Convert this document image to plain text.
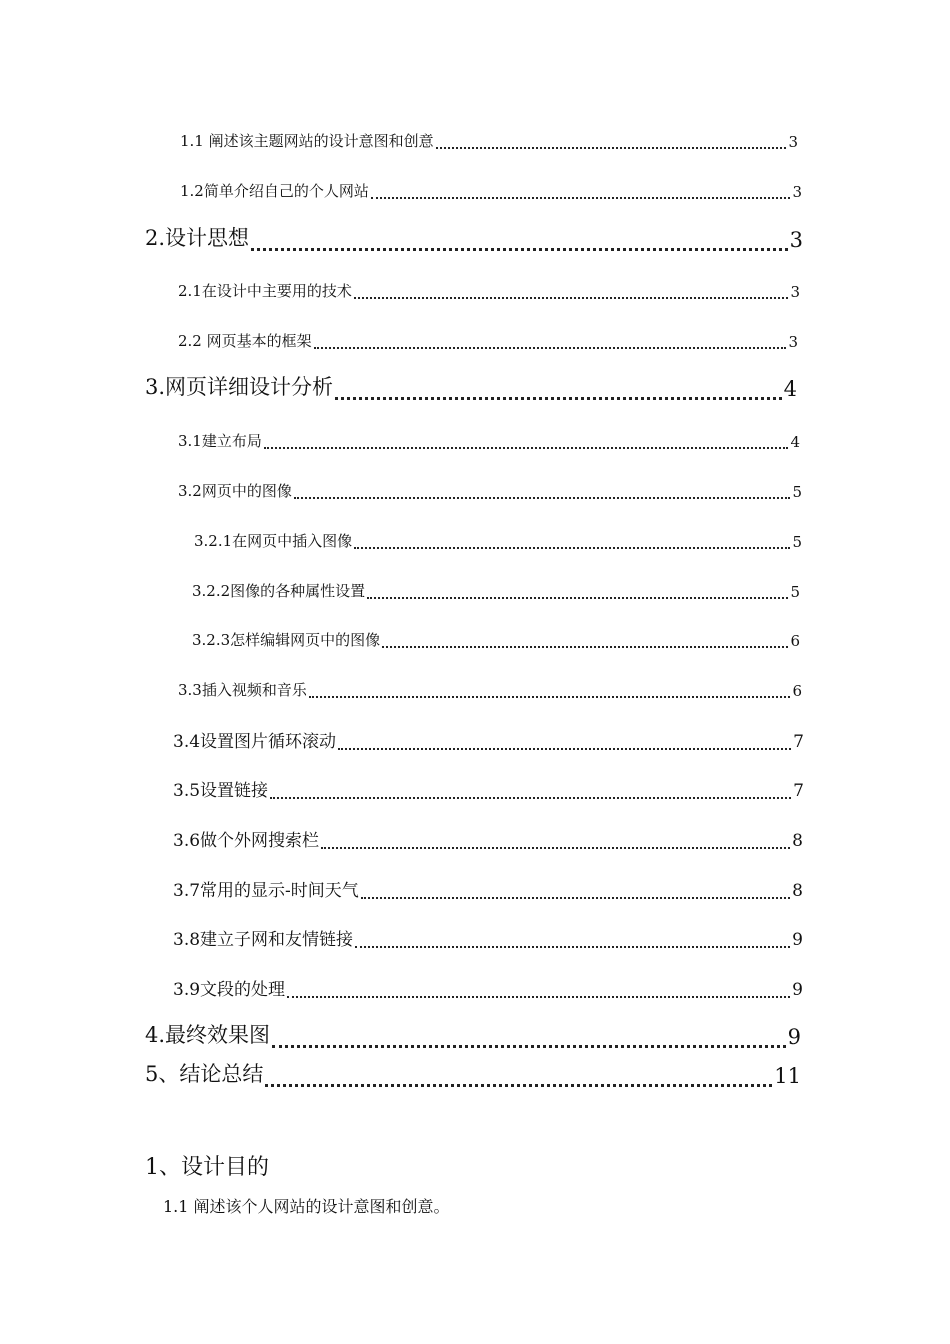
1.1 阐述该主题网站的设计意图和创意	3
1.2简单介绍自己的个人网站	3
2.设计思想	3
2.1在设计中主要用的技术	3
2.2 网页基本的框架	3
3.网页详细设计分析	4
3.1建立布局	4
3.2网页中的图像	5
3.2.1在网页中插入图像	5
3.2.2图像的各种属性设置	5
3.2.3怎样编辑网页中的图像	6
3.3插入视频和音乐	6
3.4设置图片循环滚动	7
3.5设置链接	7
3.6做个外网搜索栏	8
3.7常用的显示-时间天气	8
3.8建立子网和友情链接	9
3.9文段的处理	9
4.最终效果图	9
5、结论总结	11
1、设计目的
1.1 阐述该个人网站的设计意图和创意。
